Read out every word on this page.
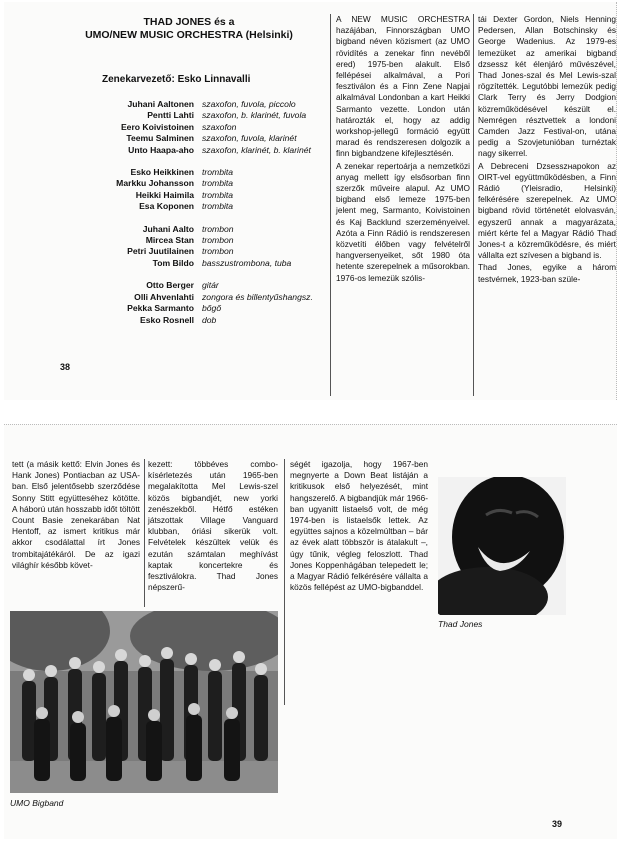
THAD JONES és a
UMO/NEW MUSIC ORCHESTRA (Helsinki)
Zenekarvezető: Esko Linnavalli
Juhani Aaltonen szaxofon, fuvola, piccolo
Pentti Lahti szaxofon, b. klarinét, fuvola
Eero Koivistoinen szaxofon
Teemu Salminen szaxofon, fuvola, klarinét
Unto Haapa-aho szaxofon, klarinét, b. klarinét
Esko Heikkinen trombita
Markku Johansson trombita
Heikki Haimila trombita
Esa Koponen trombita
Juhani Aalto trombon
Mircea Stan trombon
Petri Juutilainen trombon
Tom Bildo basszustrombona, tuba
Otto Berger gitár
Olli Ahvenlahti zongora és billentyűshangsz.
Pekka Sarmanto bőgő
Esko Rosnell dob

A NEW MUSIC ORCHESTRA hazájában, Finnországban UMO bigband néven közismert (az UMO rövidítés a zenekar finn nevéből ered) 1975-ben alakult. Első fellépései alkalmával, a Pori fesztiválon és a Finn Zene Napjai alkalmával Londonban a kart Heikki Sarmanto vezette. London után határozták el, hogy az addig workshop-jellegű formáció együtt marad és rendszeresen dolgozik a finn bigbandzene kifejlesztésén.

A zenekar repertoárja a nemzetközi anyag mellett így elsősorban finn szerzők műveire alapul. Az UMO bigband első lemeze 1975-ben jelent meg, Sarmanto, Koivistoinen és Kaj Backlund szerzeményeivel. Azóta a Finn Rádió is rendszeresen közvetíti élőben vagy felvételről hangversenyeiket, sőt 1980 óta hetente szerepelnek a műsorokban. 1976-os lemezük szólis-

tái Dexter Gordon, Niels Henning Pedersen, Allan Botschinsky és George Wadenius. Az 1979-es lemezüket az amerikai bigband dzsessz két élenjáró művészével, Thad Jones-szal és Mel Lewis-szal rögzítették. Legutóbbi lemezük pedig Clark Terry és Jerry Dodgion közreműködésével készült el. Nemrégen résztvettek a londoni Camden Jazz Festival-on, utána pedig a Szovjetunióban turnéztak nagy sikerrel.

A Debreceni Dzsesszнapokon az OIRT-vel együttműködésben, a Finn Rádió (Yleisradio, Helsinki) felkérésére szerepelnek. Az UMO bigband rövid történetét elolvasván, egyszerű annak a magyarázata, miért kérte fel a Magyar Rádió Thad Jones-t a közreműködésre, és miért vállalta ezt szívesen a bigband is.

Thad Jones, egyike a három testvérnek, 1923-ban szüle-

38

tett (a másik kettő: Elvin Jones és Hank Jones) Pontiacban az USA-ban. Első jelentősebb szerződése Sonny Stitt együtteséhez kötötte. A háború után hosszabb időt töltött Count Basie zenekarában Nat Hentoff, az ismert kritikus már akkor csodálattal írt Jones trombitajátékáról. De az igazi világhír később követ-

kezett: többéves combo-kísérletezés után 1965-ben megalakította Mel Lewis-szel közös bigbandjét, new yorki zenészekből. Hétfő estéken játszottak Village Vanguard klubban, óriási sikerük volt. Felvételek készültek velük és ezután számtalan meghívást kaptak koncertekre és fesztiválokra. Thad Jones népszerű-

ségét igazolja, hogy 1967-ben megnyerte a Down Beat listáján a kritikusok első helyezését, mint hangszerelő. A bigbandjük már 1966-ban ugyanitt listaelső volt, de még 1974-ben is listaelsők lettek. Az együttes sajnos a közelmúltban – bár az évek alatt többször is átalakult –, úgy tűnik, végleg feloszlott. Thad Jones Koppenhágában telepedett le; a Magyar Rádió felkérésére vállalta a közös fellépést az UMO-bigbanddel.

UMO Bigband
Thad Jones
39
